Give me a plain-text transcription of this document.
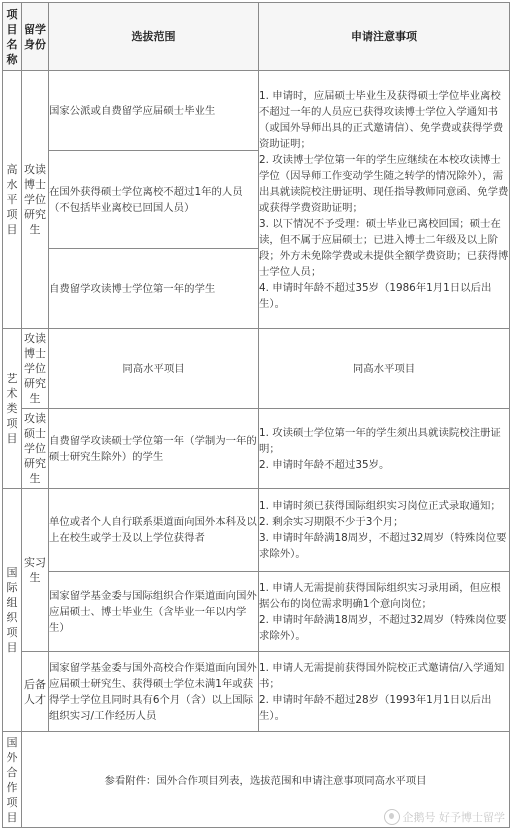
项目名称	留学身份	选拔范围	申请注意事项
高水平项目	攻读博士学位研究生	国家公派或自费留学应届硕士毕业生	1. 申请时，应届硕士毕业生及获得硕士学位毕业离校不超过一年的人员应已获得攻读博士学位入学通知书（或国外导师出具的正式邀请信）、免学费或获得学费资助证明；
2. 攻读博士学位第一年的学生应继续在本校攻读博士学位（因导师工作变动学生随之转学的情况除外），需出具就读院校注册证明、现任指导教师同意函、免学费或获得学费资助证明；
3. 以下情况不予受理：硕士毕业已离校回国；硕士在读，但不属于应届硕士；已进入博士二年级及以上阶段；外方未免除学费或未提供全额学费资助；已获得博士学位人员；
4. 申请时年龄不超过35岁（1986年1月1日以后出生）。

		在国外获得硕士学位离校不超过1年的人员（不包括毕业离校已回国人员）	
		自费留学攻读博士学位第一年的学生	
艺术类项目	攻读博士学位研究生	同高水平项目	同高水平项目
	攻读硕士学位研究生	自费留学攻读硕士学位第一年（学制为一年的硕士研究生除外）的学生	1. 攻读硕士学位第一年的学生须出具就读院校注册证明；
2. 申请时年龄不超过35岁。

国际组织项目	实习生	单位或者个人自行联系渠道面向国外本科及以上在校生或学士及以上学位获得者	1. 申请时须已获得国际组织实习岗位正式录取通知；
2. 剩余实习期限不少于3个月；
3. 申请时年龄满18周岁，不超过32周岁（特殊岗位要求除外）。

		国家留学基金委与国际组织合作渠道面向国外应届硕士、博士毕业生（含毕业一年以内学生）	1. 申请人无需提前获得国际组织实习录用函，但应根据公布的岗位需求明确1个意向岗位；
2. 申请时年龄满18周岁，不超过32周岁（特殊岗位要求除外）。

	后备人才	国家留学基金委与国外高校合作渠道面向国外应届硕士研究生、获得硕士学位未满1年或获得学士学位且同时具有6个月（含）以上国际组织实习/工作经历人员	1. 申请人无需提前获得国外院校正式邀请信/入学通知书；
2. 申请时年龄不超过28岁（1993年1月1日以后出生）。

国外合作项目	参看附件：国外合作项目列表，选拔范围和申请注意事项同高水平项目		
企鹅号 好予博士留学
